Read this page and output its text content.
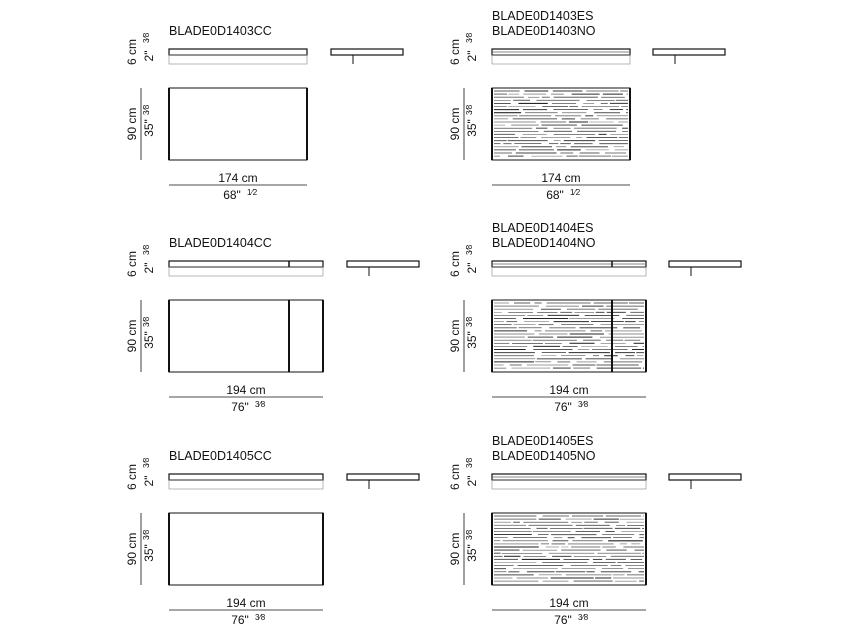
BLADE0D1403CC
6 cm 2"
3⁄8
90 cm 35"
3⁄8
174 cm
68" 1⁄2
BLADE0D1403ES
BLADE0D1403NO
6 cm 2"
3⁄8
90 cm 35"
3⁄8
174 cm
68" 1⁄2
BLADE0D1404CC
6 cm 2"
3⁄8
90 cm 35"
3⁄8
194 cm
76" 3⁄8
BLADE0D1404ES
BLADE0D1404NO
6 cm 2"
3⁄8
90 cm 35"
3⁄8
194 cm
76" 3⁄8
BLADE0D1405CC
6 cm 2"
3⁄8
90 cm 35"
3⁄8
194 cm
76" 3⁄8
BLADE0D1405ES
BLADE0D1405NO
6 cm 2"
3⁄8
90 cm 35"
3⁄8
194 cm
76" 3⁄8
